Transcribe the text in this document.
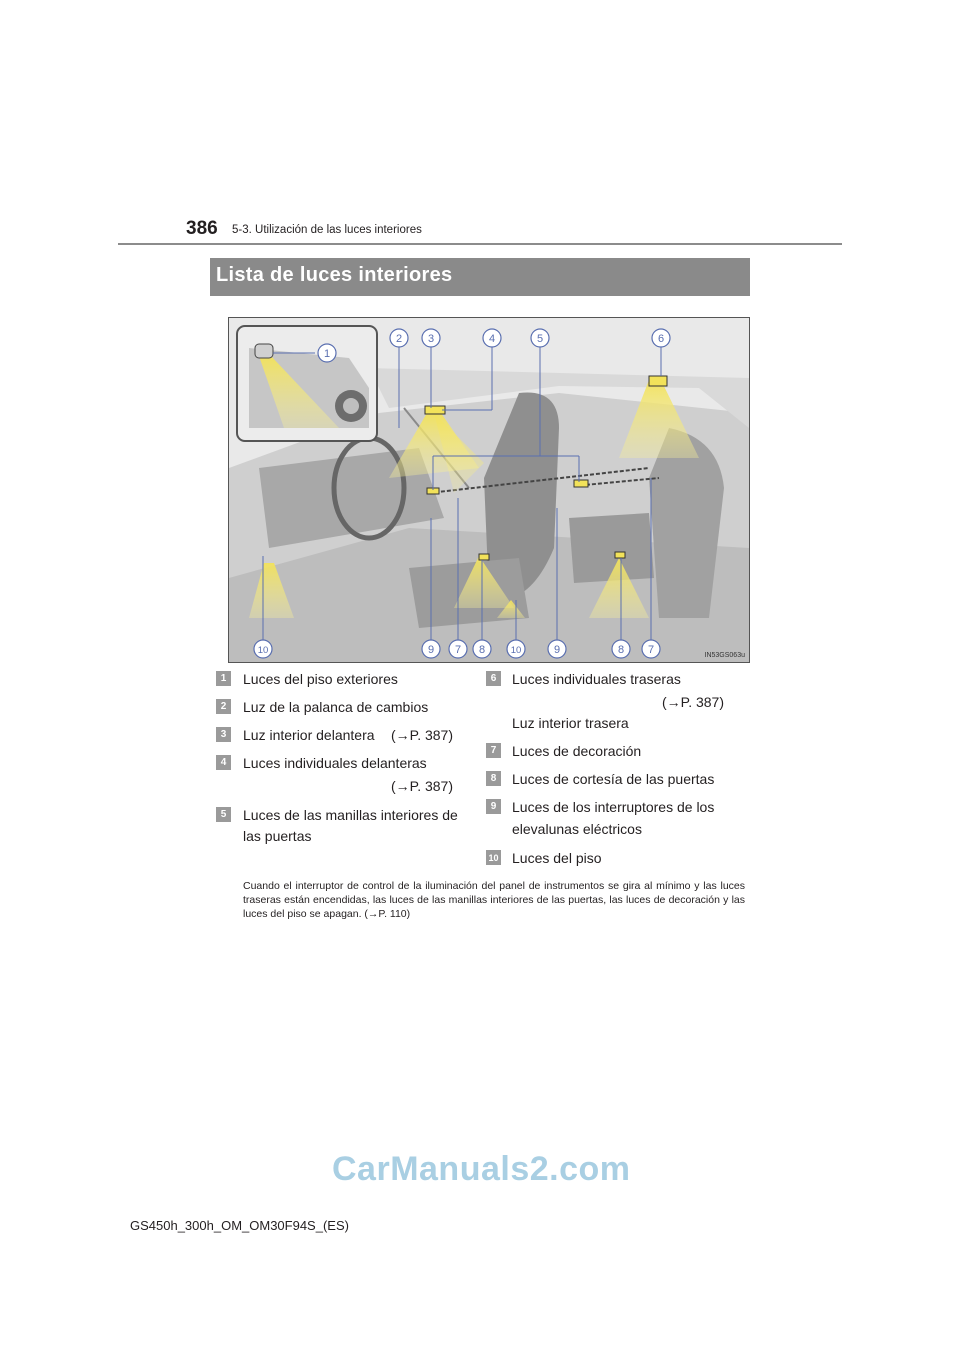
386 5-3. Utilización de las luces interiores
Lista de luces interiores
1
2 3	4	5	6
10	9 7 8	10	9	8 7	IN53GS063u
1	Luces del piso exteriores
2	Luz de la palanca de cambios
3	Luz interior delantera (→P. 387)
4	Luces individuales delanteras
(→P. 387)
5	Luces de las manillas interiores de
las puertas
6	Luces individuales traseras
(→P. 387)
Luz interior trasera
7	Luces de decoración
8	Luces de cortesía de las puertas
9	Luces de los interruptores de los
elevalunas eléctricos
10 Luces del piso
Cuando el interruptor de control de la iluminación del panel de instrumentos se gira al mínimo y las luces traseras están encendidas, las luces de las manillas interiores de las puertas, las luces de decoración y las luces del piso se apagan. (→P. 110)
CarManuals2.com
GS450h_300h_OM_OM30F94S_(ES)
